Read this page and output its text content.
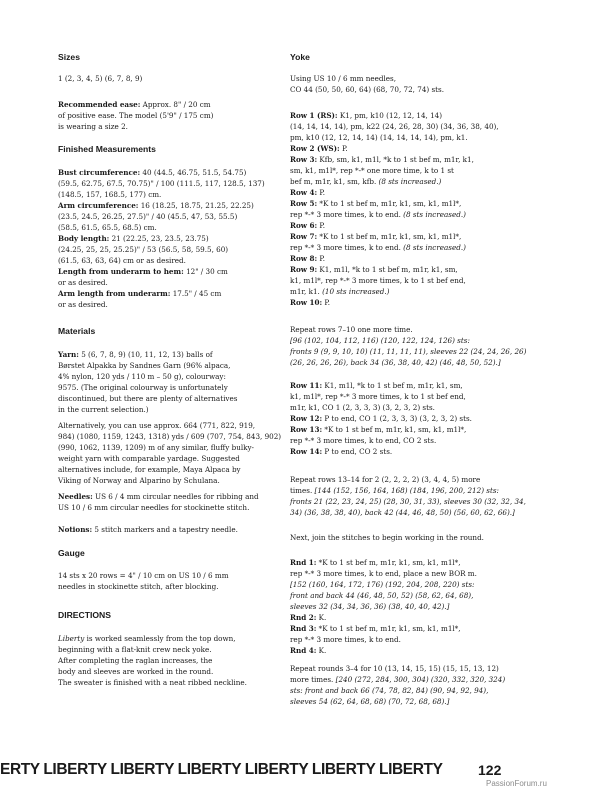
Sizes
1 (2, 3, 4, 5) (6, 7, 8, 9)
Recommended ease: Approx. 8" / 20 cm
of positive ease. The model (5'9" / 175 cm)
is wearing a size 2.
Finished Measurements
Bust circumference: 40 (44.5, 46.75, 51.5, 54.75)
(59.5, 62.75, 67.5, 70.75)" / 100 (111.5, 117, 128.5, 137)
(148.5, 157, 168.5, 177) cm.
Arm circumference: 16 (18.25, 18.75, 21.25, 22.25)
(23.5, 24.5, 26.25, 27.5)" / 40 (45.5, 47, 53, 55.5)
(58.5, 61.5, 65.5, 68.5) cm.
Body length: 21 (22.25, 23, 23.5, 23.75)
(24.25, 25, 25, 25.25)" / 53 (56.5, 58, 59.5, 60)
(61.5, 63, 63, 64) cm or as desired.
Length from underarm to hem: 12" / 30 cm
or as desired.
Arm length from underarm: 17.5" / 45 cm
or as desired.
Materials
Yarn: 5 (6, 7, 8, 9) (10, 11, 12, 13) balls of
Børstet Alpakka by Sandnes Garn (96% alpaca,
4% nylon, 120 yds / 110 m – 50 g), colourway:
9575. (The original colourway is unfortunately
discontinued, but there are plenty of alternatives
in the current selection.)
Alternatively, you can use approx. 664 (771, 822, 919,
984) (1080, 1159, 1243, 1318) yds / 609 (707, 754, 843, 902)
(990, 1062, 1139, 1209) m of any similar, fluffy bulky-
weight yarn with comparable yardage. Suggested
alternatives include, for example, Maya Alpaca by
Viking of Norway and Alparino by Schulana.
Needles: US 6 / 4 mm circular needles for ribbing and
US 10 / 6 mm circular needles for stockinette stitch.
Notions: 5 stitch markers and a tapestry needle.
Gauge
14 sts x 20 rows = 4" / 10 cm on US 10 / 6 mm
needles in stockinette stitch, after blocking.
DIRECTIONS
Liberty is worked seamlessly from the top down,
beginning with a flat-knit crew neck yoke.
After completing the raglan increases, the
body and sleeves are worked in the round.
The sweater is finished with a neat ribbed neckline.
Yoke
Using US 10 / 6 mm needles,
CO 44 (50, 50, 60, 64) (68, 70, 72, 74) sts.
Row 1 (RS): K1, pm, k10 (12, 12, 14, 14)
(14, 14, 14, 14), pm, k22 (24, 26, 28, 30) (34, 36, 38, 40),
pm, k10 (12, 12, 14, 14) (14, 14, 14, 14), pm, k1.
Row 2 (WS): P.
Row 3: Kfb, sm, k1, m1l, *k to 1 st bef m, m1r, k1,
sm, k1, m1l*, rep *-* one more time, k to 1 st
bef m, m1r, k1, sm, kfb. (8 sts increased.)
Row 4: P.
Row 5: *K to 1 st bef m, m1r, k1, sm, k1, m1l*,
rep *-* 3 more times, k to end. (8 sts increased.)
Row 6: P.
Row 7: *K to 1 st bef m, m1r, k1, sm, k1, m1l*,
rep *-* 3 more times, k to end. (8 sts increased.)
Row 8: P.
Row 9: K1, m1l, *k to 1 st bef m, m1r, k1, sm,
k1, m1l*, rep *-* 3 more times, k to 1 st bef end,
m1r, k1. (10 sts increased.)
Row 10: P.
Repeat rows 7–10 one more time.
[96 (102, 104, 112, 116) (120, 122, 124, 126) sts:
fronts 9 (9, 9, 10, 10) (11, 11, 11, 11), sleeves 22 (24, 24, 26, 26)
(26, 26, 26, 26), back 34 (36, 38, 40, 42) (46, 48, 50, 52).]
Row 11: K1, m1l, *k to 1 st bef m, m1r, k1, sm,
k1, m1l*, rep *-* 3 more times, k to 1 st bef end,
m1r, k1, CO 1 (2, 3, 3, 3) (3, 2, 3, 2) sts.
Row 12: P to end, CO 1 (2, 3, 3, 3) (3, 2, 3, 2) sts.
Row 13: *K to 1 st bef m, m1r, k1, sm, k1, m1l*,
rep *-* 3 more times, k to end, CO 2 sts.
Row 14: P to end, CO 2 sts.
Repeat rows 13–14 for 2 (2, 2, 2, 2) (3, 4, 4, 5) more
times. [144 (152, 156, 164, 168) (184, 196, 200, 212) sts:
fronts 21 (22, 23, 24, 25) (28, 30, 31, 33), sleeves 30 (32, 32, 34,
34) (36, 38, 38, 40), back 42 (44, 46, 48, 50) (56, 60, 62, 66).]
Next, join the stitches to begin working in the round.
Rnd 1: *K to 1 st bef m, m1r, k1, sm, k1, m1l*,
rep *-* 3 more times, k to end, place a new BOR m.
[152 (160, 164, 172, 176) (192, 204, 208, 220) sts:
front and back 44 (46, 48, 50, 52) (58, 62, 64, 68),
sleeves 32 (34, 34, 36, 36) (38, 40, 40, 42).]
Rnd 2: K.
Rnd 3: *K to 1 st bef m, m1r, k1, sm, k1, m1l*,
rep *-* 3 more times, k to end.
Rnd 4: K.
Repeat rounds 3–4 for 10 (13, 14, 15, 15) (15, 15, 13, 12)
more times. [240 (272, 284, 300, 304) (320, 332, 320, 324)
sts: front and back 66 (74, 78, 82, 84) (90, 94, 92, 94),
sleeves 54 (62, 64, 68, 68) (70, 72, 68, 68).]
ERTY LIBERTY LIBERTY LIBERTY LIBERTY LIBERTY LIBERTY	122
PassionForum.ru
